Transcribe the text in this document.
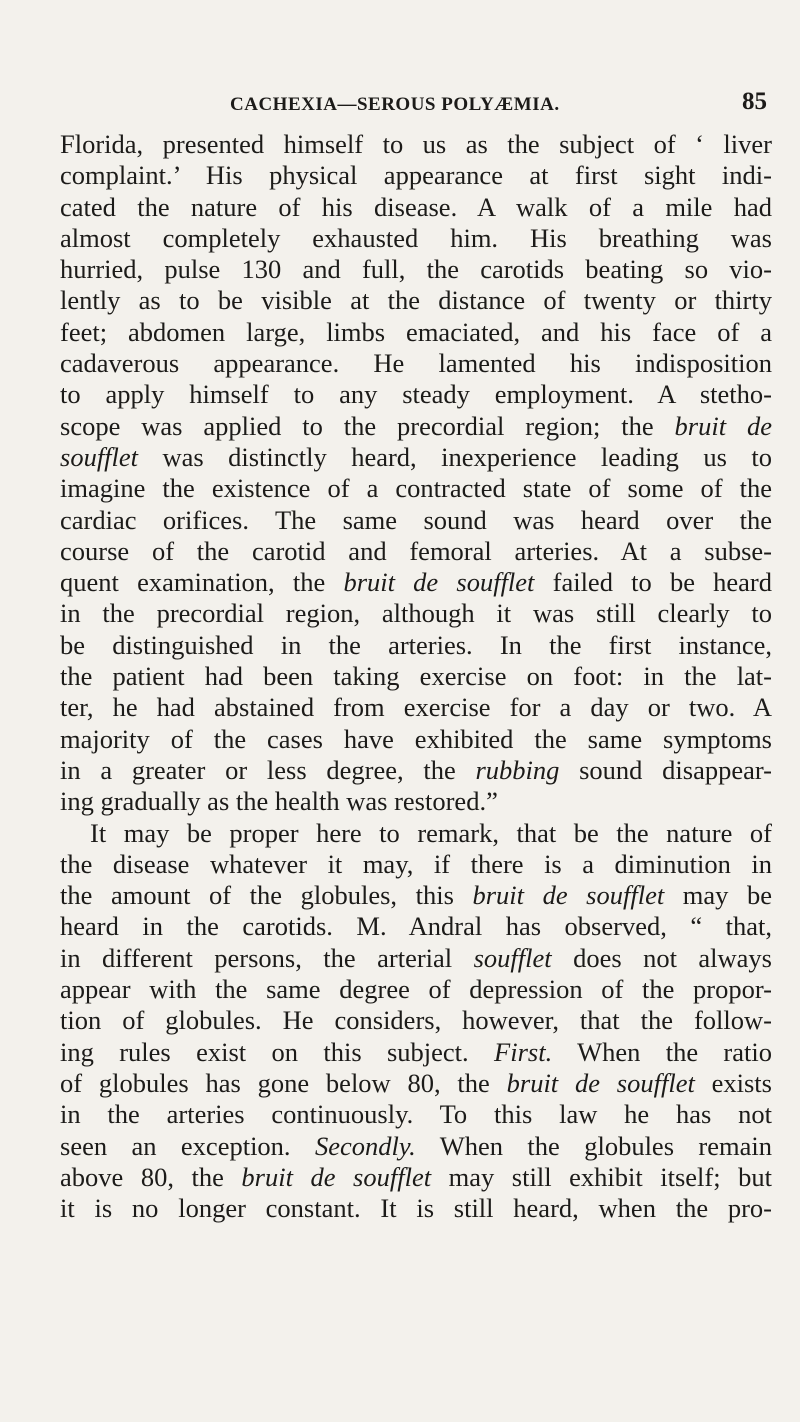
CACHEXIA—SEROUS POLYÆMIA.	85
Florida, presented himself to us as the subject of ‘ liver
complaint.’ His physical appearance at first sight indi-
cated the nature of his disease. A walk of a mile had
almost completely exhausted him. His breathing was
hurried, pulse 130 and full, the carotids beating so vio-
lently as to be visible at the distance of twenty or thirty
feet; abdomen large, limbs emaciated, and his face of a
cadaverous appearance. He lamented his indisposition
to apply himself to any steady employment. A stetho-
scope was applied to the precordial region; the bruit de
soufflet was distinctly heard, inexperience leading us to
imagine the existence of a contracted state of some of the
cardiac orifices. The same sound was heard over the
course of the carotid and femoral arteries. At a subse-
quent examination, the bruit de soufflet failed to be heard
in the precordial region, although it was still clearly to
be distinguished in the arteries. In the first instance,
the patient had been taking exercise on foot: in the lat-
ter, he had abstained from exercise for a day or two. A
majority of the cases have exhibited the same symptoms
in a greater or less degree, the rubbing sound disappear-
ing gradually as the health was restored.”
It may be proper here to remark, that be the nature of
the disease whatever it may, if there is a diminution in
the amount of the globules, this bruit de soufflet may be
heard in the carotids. M. Andral has observed, “ that,
in different persons, the arterial soufflet does not always
appear with the same degree of depression of the propor-
tion of globules. He considers, however, that the follow-
ing rules exist on this subject. First. When the ratio
of globules has gone below 80, the bruit de soufflet exists
in the arteries continuously. To this law he has not
seen an exception. Secondly. When the globules remain
above 80, the bruit de soufflet may still exhibit itself; but
it is no longer constant. It is still heard, when the pro-
